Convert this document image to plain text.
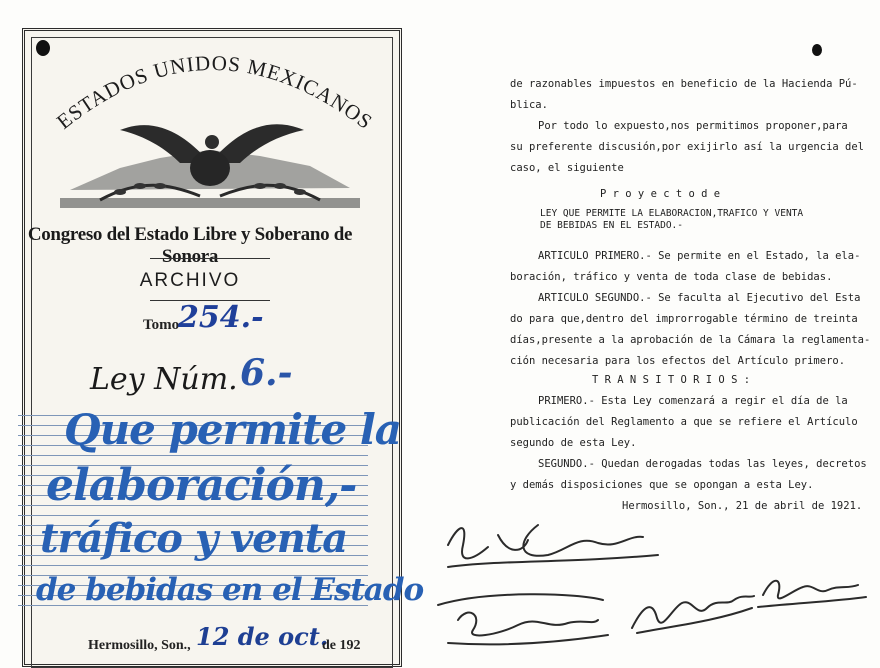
ESTADOS UNIDOS MEXICANOS
Congreso del Estado Libre y Soberano de Sonora
ARCHIVO
Tomo
254.-
Ley Núm. 6.-
Que permite la
elaboración,-
tráfico y venta
de bebidas en el Estado
Hermosillo, Son., 12 de oct.
de 192
de razonables impuestos en beneficio de la Hacienda Pú-
blica.
Por todo lo expuesto,nos permitimos proponer,para
su preferente discusión,por exijirlo así la urgencia del
caso, el siguiente
P r o y e c t o d e
LEY QUE PERMITE LA ELABORACION,TRAFICO Y VENTA
DE BEBIDAS EN EL ESTADO.-
ARTICULO PRIMERO.- Se permite en el Estado, la ela-
boración, tráfico y venta de toda clase de bebidas.
ARTICULO SEGUNDO.- Se faculta al Ejecutivo del Esta
do para que,dentro del improrrogable término de treinta
días,presente a la aprobación de la Cámara la reglamenta-
ción necesaria para los efectos del Artículo primero.
T R A N S I T O R I O S :
PRIMERO.- Esta Ley comenzará a regir el día de la
publicación del Reglamento a que se refiere el Artículo
segundo de esta Ley.
SEGUNDO.- Quedan derogadas todas las leyes, decretos
y demás disposiciones que se opongan a esta Ley.
Hermosillo, Son., 21 de abril de 1921.
